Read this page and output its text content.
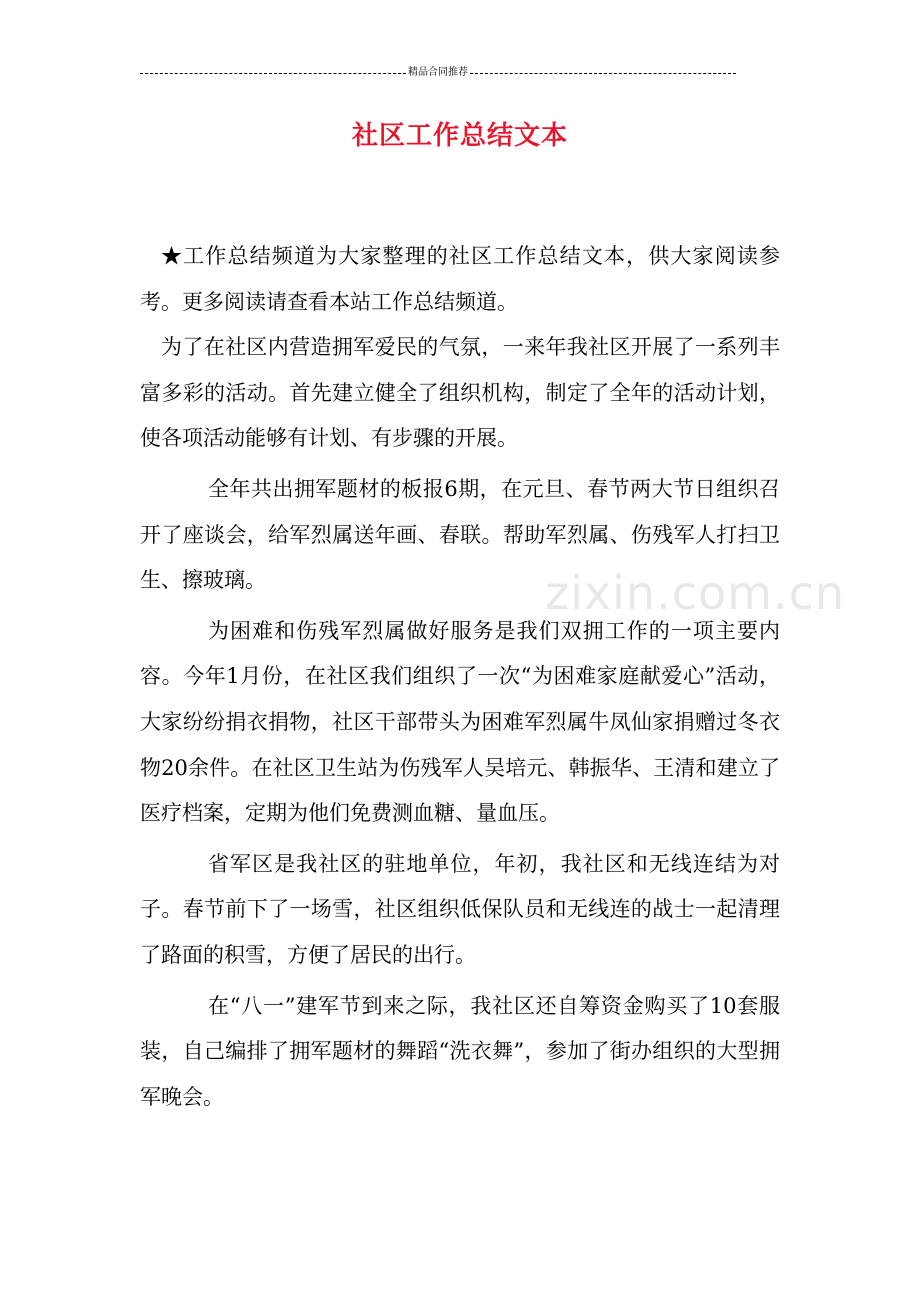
精品合同推荐
社区工作总结文本
zixin.com.cn

★工作总结频道为大家整理的社区工作总结文本，供大家阅读参考。更多阅读请查看本站工作总结频道。

为了在社区内营造拥军爱民的气氛，一来年我社区开展了一系列丰富多彩的活动。首先建立健全了组织机构，制定了全年的活动计划，使各项活动能够有计划、有步骤的开展。

全年共出拥军题材的板报6期，在元旦、春节两大节日组织召开了座谈会，给军烈属送年画、春联。帮助军烈属、伤残军人打扫卫生、擦玻璃。

为困难和伤残军烈属做好服务是我们双拥工作的一项主要内容。今年1月份，在社区我们组织了一次“为困难家庭献爱心”活动，大家纷纷捐衣捐物，社区干部带头为困难军烈属牛凤仙家捐赠过冬衣物20余件。在社区卫生站为伤残军人吴培元、韩振华、王清和建立了医疗档案，定期为他们免费测血糖、量血压。

省军区是我社区的驻地单位，年初，我社区和无线连结为对子。春节前下了一场雪，社区组织低保队员和无线连的战士一起清理了路面的积雪，方便了居民的出行。

在“八一”建军节到来之际，我社区还自筹资金购买了10套服装，自己编排了拥军题材的舞蹈“洗衣舞”，参加了街办组织的大型拥军晚会。
